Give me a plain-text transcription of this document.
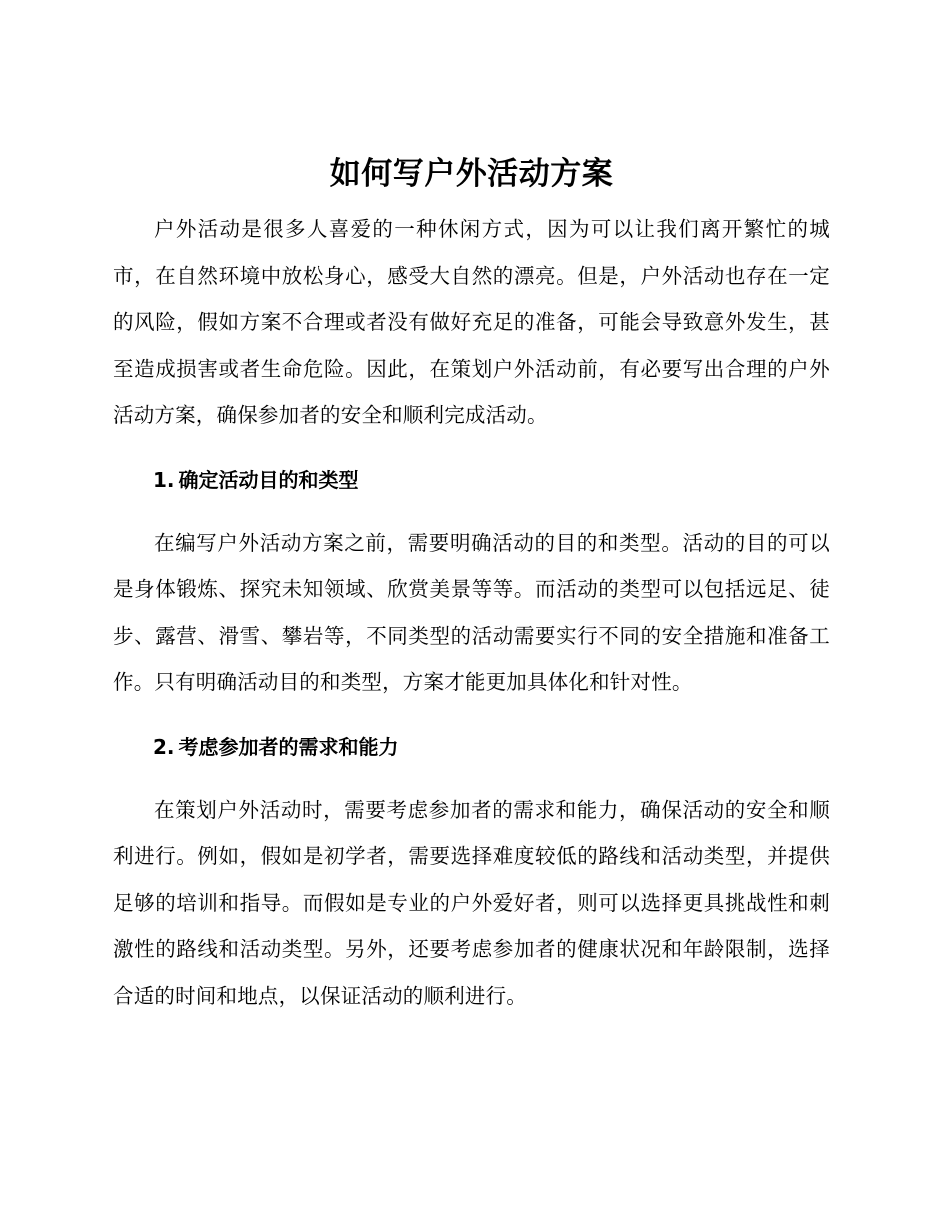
如何写户外活动方案

户外活动是很多人喜爱的一种休闲方式，因为可以让我们离开繁忙的城市，在自然环境中放松身心，感受大自然的漂亮。但是，户外活动也存在一定的风险，假如方案不合理或者没有做好充足的准备，可能会导致意外发生，甚至造成损害或者生命危险。因此，在策划户外活动前，有必要写出合理的户外活动方案，确保参加者的安全和顺利完成活动。

1. 确定活动目的和类型

在编写户外活动方案之前，需要明确活动的目的和类型。活动的目的可以是身体锻炼、探究未知领域、欣赏美景等等。而活动的类型可以包括远足、徒步、露营、滑雪、攀岩等，不同类型的活动需要实行不同的安全措施和准备工作。只有明确活动目的和类型，方案才能更加具体化和针对性。

2. 考虑参加者的需求和能力

在策划户外活动时，需要考虑参加者的需求和能力，确保活动的安全和顺利进行。例如，假如是初学者，需要选择难度较低的路线和活动类型，并提供足够的培训和指导。而假如是专业的户外爱好者，则可以选择更具挑战性和刺激性的路线和活动类型。另外，还要考虑参加者的健康状况和年龄限制，选择合适的时间和地点，以保证活动的顺利进行。
